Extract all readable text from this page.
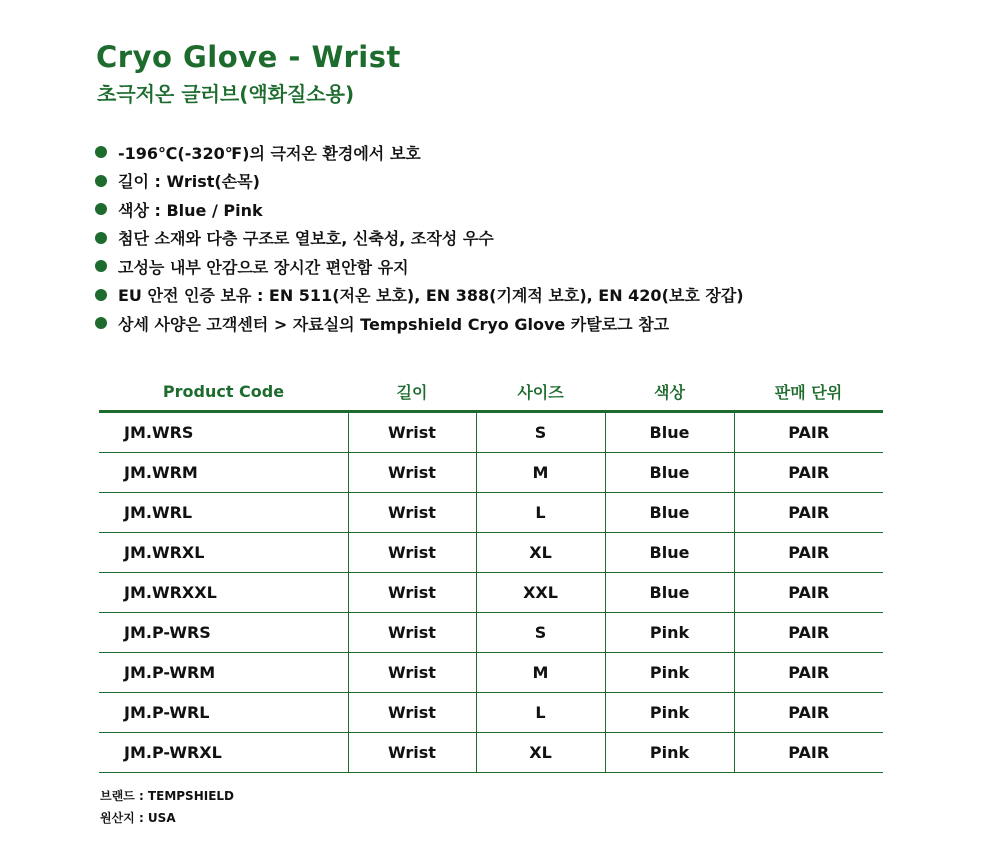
Cryo Glove - Wrist
초극저온 글러브(액화질소용)
-196℃(-320℉)의 극저온 환경에서 보호
길이 : Wrist(손목)
색상 : Blue / Pink
첨단 소재와 다층 구조로 열보호, 신축성, 조작성 우수
고성능 내부 안감으로 장시간 편안함 유지
EU 안전 인증 보유 : EN 511(저온 보호), EN 388(기계적 보호), EN 420(보호 장갑)
상세 사양은 고객센터 > 자료실의 Tempshield Cryo Glove 카탈로그 참고
Product Code	길이	사이즈	색상	판매 단위
JM.WRS	Wrist	S	Blue	PAIR
JM.WRM	Wrist	M	Blue	PAIR
JM.WRL	Wrist	L	Blue	PAIR
JM.WRXL	Wrist	XL	Blue	PAIR
JM.WRXXL	Wrist	XXL	Blue	PAIR
JM.P-WRS	Wrist	S	Pink	PAIR
JM.P-WRM	Wrist	M	Pink	PAIR
JM.P-WRL	Wrist	L	Pink	PAIR
JM.P-WRXL	Wrist	XL	Pink	PAIR
브랜드 : TEMPSHIELD
원산지 : USA
